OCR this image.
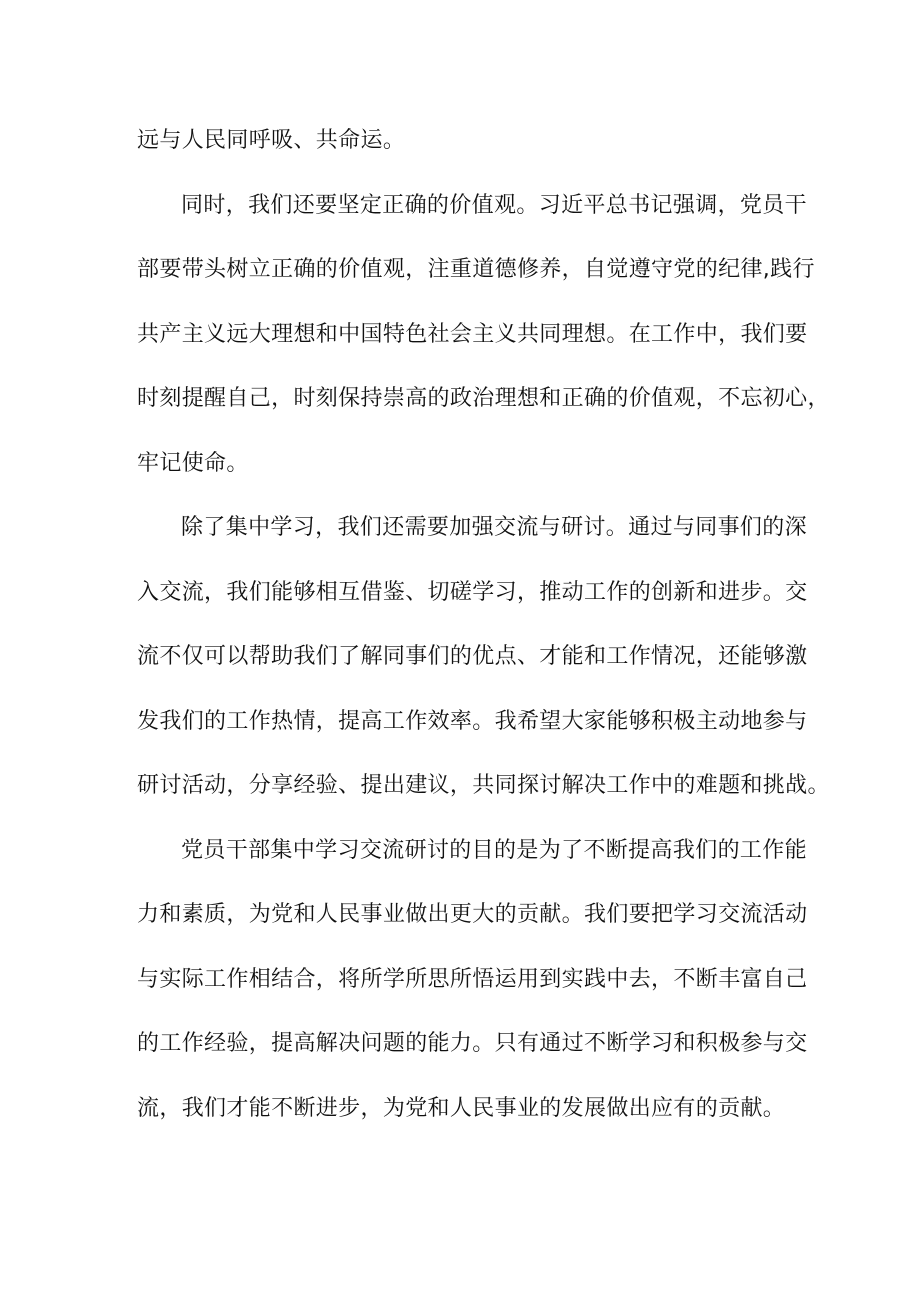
远与人民同呼吸、共命运。

同时，我们还要坚定正确的价值观。习近平总书记强调，党员干
部要带头树立正确的价值观，注重道德修养，自觉遵守党的纪律,践行
共产主义远大理想和中国特色社会主义共同理想。在工作中，我们要
时刻提醒自己，时刻保持崇高的政治理想和正确的价值观，不忘初心，
牢记使命。

除了集中学习，我们还需要加强交流与研讨。通过与同事们的深
入交流，我们能够相互借鉴、切磋学习，推动工作的创新和进步。交
流不仅可以帮助我们了解同事们的优点、才能和工作情况，还能够激
发我们的工作热情，提高工作效率。我希望大家能够积极主动地参与
研讨活动，分享经验、提出建议，共同探讨解决工作中的难题和挑战。

党员干部集中学习交流研讨的目的是为了不断提高我们的工作能
力和素质，为党和人民事业做出更大的贡献。我们要把学习交流活动
与实际工作相结合，将所学所思所悟运用到实践中去，不断丰富自己
的工作经验，提高解决问题的能力。只有通过不断学习和积极参与交
流，我们才能不断进步，为党和人民事业的发展做出应有的贡献。
